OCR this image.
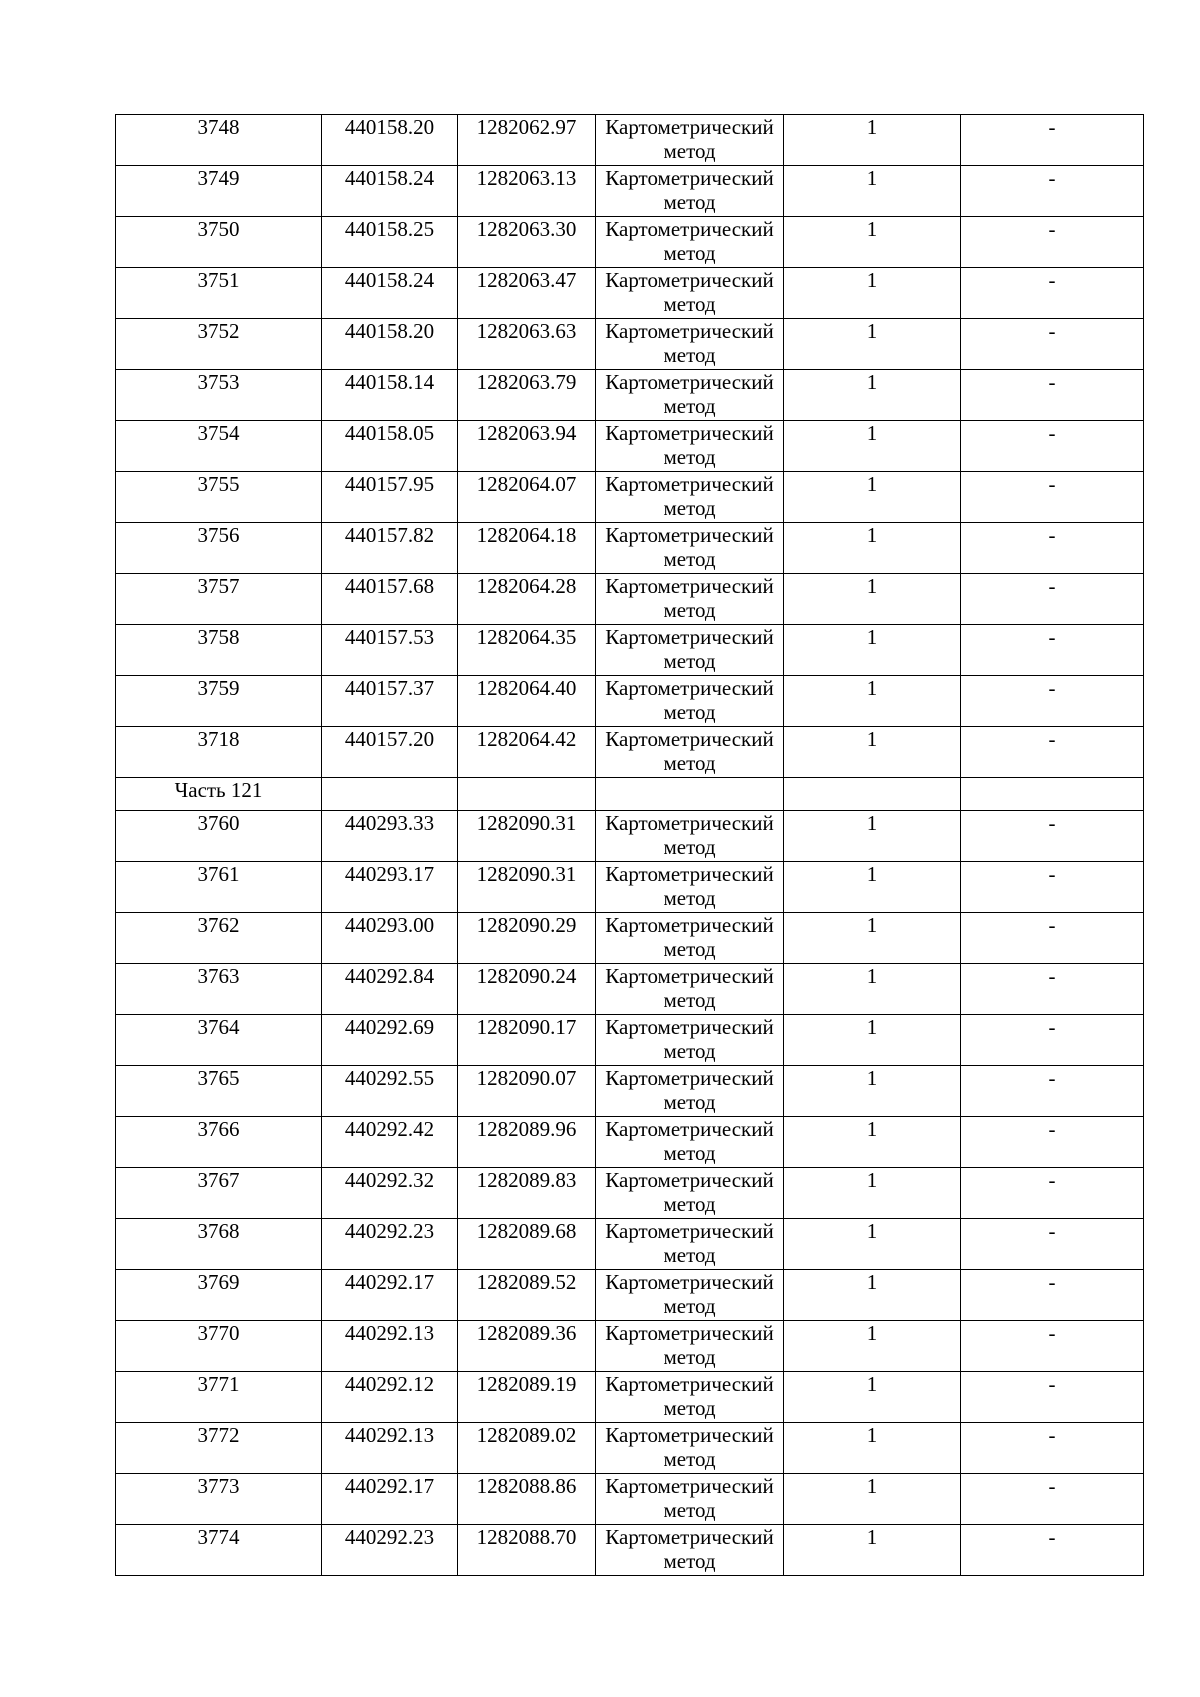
3748	440158.20	1282062.97	Картометрический метод	1	-
3749	440158.24	1282063.13	Картометрический метод	1	-
3750	440158.25	1282063.30	Картометрический метод	1	-
3751	440158.24	1282063.47	Картометрический метод	1	-
3752	440158.20	1282063.63	Картометрический метод	1	-
3753	440158.14	1282063.79	Картометрический метод	1	-
3754	440158.05	1282063.94	Картометрический метод	1	-
3755	440157.95	1282064.07	Картометрический метод	1	-
3756	440157.82	1282064.18	Картометрический метод	1	-
3757	440157.68	1282064.28	Картометрический метод	1	-
3758	440157.53	1282064.35	Картометрический метод	1	-
3759	440157.37	1282064.40	Картометрический метод	1	-
3718	440157.20	1282064.42	Картометрический метод	1	-
Часть 121					
3760	440293.33	1282090.31	Картометрический метод	1	-
3761	440293.17	1282090.31	Картометрический метод	1	-
3762	440293.00	1282090.29	Картометрический метод	1	-
3763	440292.84	1282090.24	Картометрический метод	1	-
3764	440292.69	1282090.17	Картометрический метод	1	-
3765	440292.55	1282090.07	Картометрический метод	1	-
3766	440292.42	1282089.96	Картометрический метод	1	-
3767	440292.32	1282089.83	Картометрический метод	1	-
3768	440292.23	1282089.68	Картометрический метод	1	-
3769	440292.17	1282089.52	Картометрический метод	1	-
3770	440292.13	1282089.36	Картометрический метод	1	-
3771	440292.12	1282089.19	Картометрический метод	1	-
3772	440292.13	1282089.02	Картометрический метод	1	-
3773	440292.17	1282088.86	Картометрический метод	1	-
3774	440292.23	1282088.70	Картометрический метод	1	-
